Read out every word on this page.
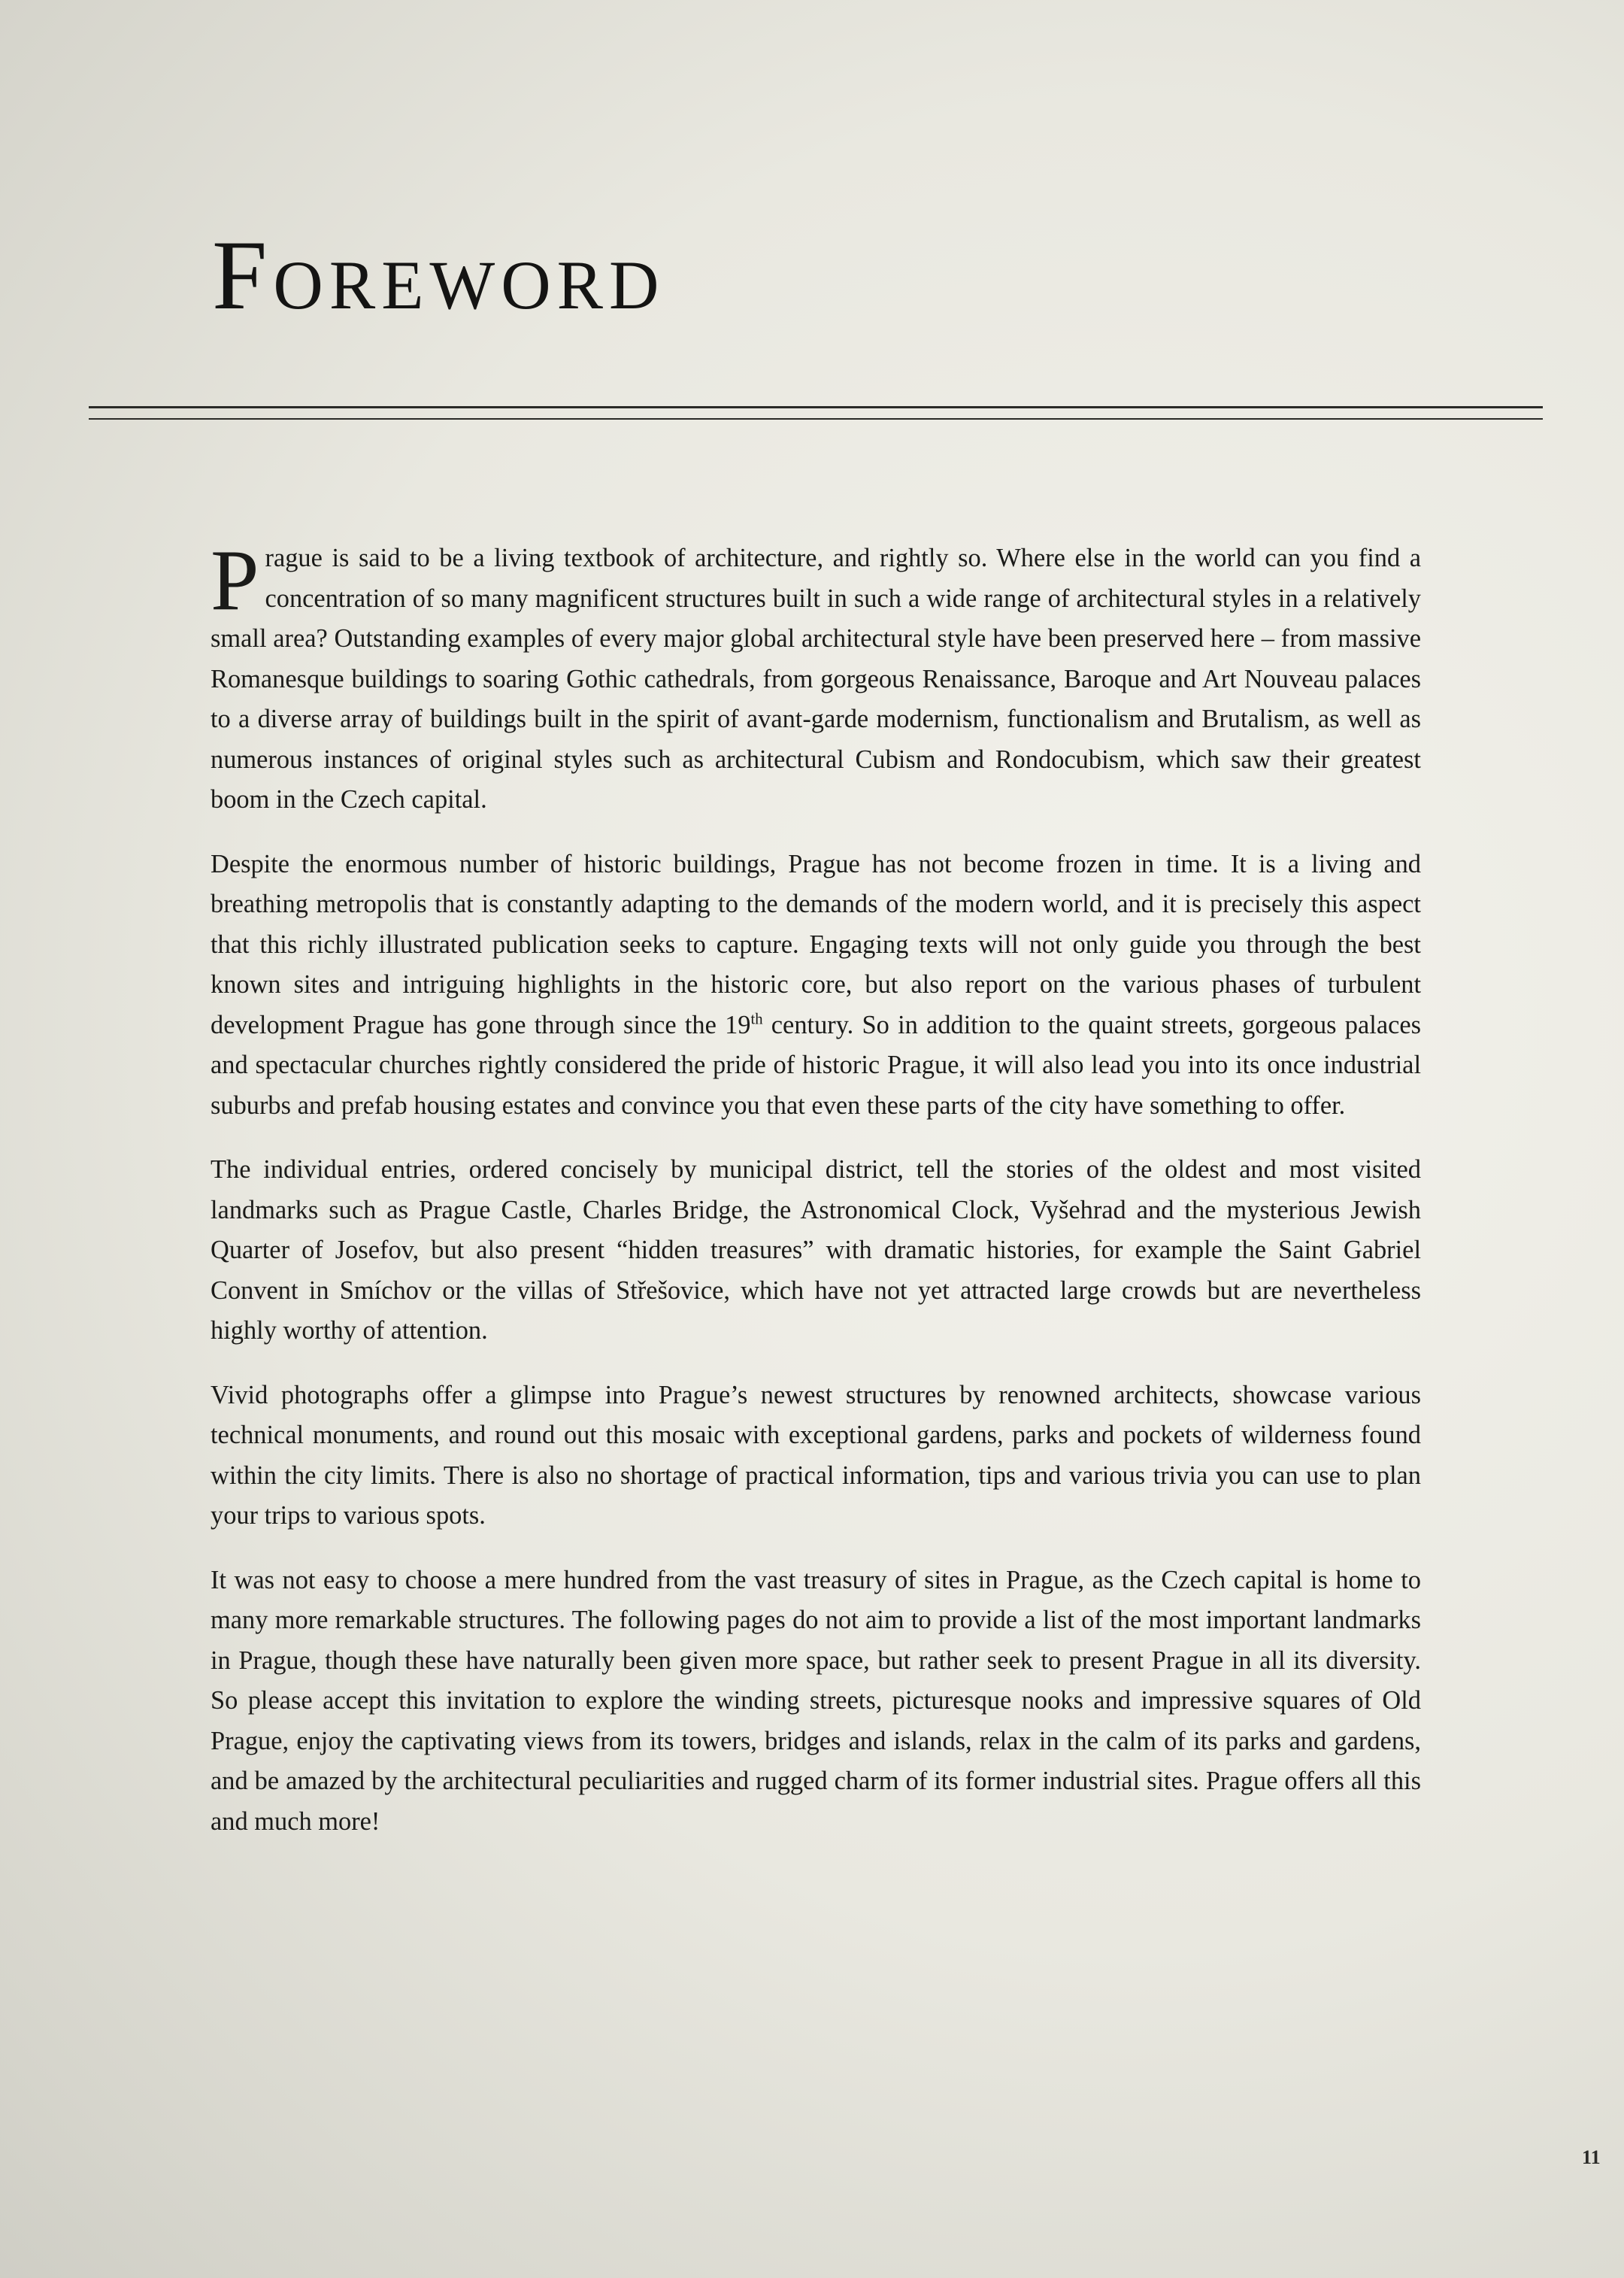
Foreword

Prague is said to be a living textbook of architecture, and rightly so. Where else in the world can you find a concentration of so many magnificent structures built in such a wide range of architectural styles in a relatively small area? Outstanding examples of every major global architectural style have been preserved here – from massive Romanesque buildings to soaring Gothic cathedrals, from gorgeous Renaissance, Baroque and Art Nouveau palaces to a diverse array of buildings built in the spirit of avant-garde modernism, functionalism and Brutalism, as well as numerous instances of original styles such as architectural Cubism and Rondocubism, which saw their greatest boom in the Czech capital.

Despite the enormous number of historic buildings, Prague has not become frozen in time. It is a living and breathing metropolis that is constantly adapting to the demands of the modern world, and it is precisely this aspect that this richly illustrated publication seeks to capture. Engaging texts will not only guide you through the best known sites and intriguing highlights in the historic core, but also report on the various phases of turbulent development Prague has gone through since the 19th century. So in addition to the quaint streets, gorgeous palaces and spectacular churches rightly considered the pride of historic Prague, it will also lead you into its once industrial suburbs and prefab housing estates and convince you that even these parts of the city have something to offer.

The individual entries, ordered concisely by municipal district, tell the stories of the oldest and most visited landmarks such as Prague Castle, Charles Bridge, the Astronomical Clock, Vyšehrad and the mysterious Jewish Quarter of Josefov, but also present “hidden treasures” with dramatic histories, for example the Saint Gabriel Convent in Smíchov or the villas of Střešovice, which have not yet attracted large crowds but are nevertheless highly worthy of attention.

Vivid photographs offer a glimpse into Prague’s newest structures by renowned architects, showcase various technical monuments, and round out this mosaic with exceptional gardens, parks and pockets of wilderness found within the city limits. There is also no shortage of practical information, tips and various trivia you can use to plan your trips to various spots.

It was not easy to choose a mere hundred from the vast treasury of sites in Prague, as the Czech capital is home to many more remarkable structures. The following pages do not aim to provide a list of the most important landmarks in Prague, though these have naturally been given more space, but rather seek to present Prague in all its diversity. So please accept this invitation to explore the winding streets, picturesque nooks and impressive squares of Old Prague, enjoy the captivating views from its towers, bridges and islands, relax in the calm of its parks and gardens, and be amazed by the architectural peculiarities and rugged charm of its former industrial sites. Prague offers all this and much more!

11
